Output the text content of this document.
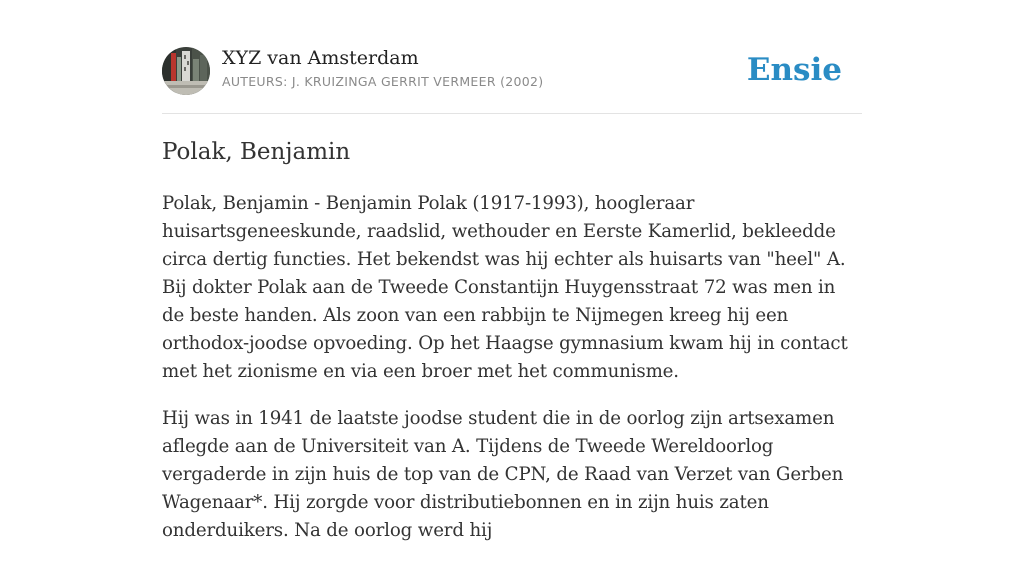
XYZ van Amsterdam
AUTEURS: J. KRUIZINGA GERRIT VERMEER (2002)	Ensie
Polak, Benjamin

Polak, Benjamin - Benjamin Polak (1917-1993), hoogleraar huisartsgeneeskunde, raadslid, wethouder en Eerste Kamerlid, bekleedde circa dertig functies. Het bekendst was hij echter als huisarts van "heel" A. Bij dokter Polak aan de Tweede Constantijn Huygensstraat 72 was men in de beste handen. Als zoon van een rabbijn te Nijmegen kreeg hij een orthodox-joodse opvoeding. Op het Haagse gymnasium kwam hij in contact met het zionisme en via een broer met het communisme.

Hij was in 1941 de laatste joodse student die in de oorlog zijn artsexamen aflegde aan de Universiteit van A. Tijdens de Tweede Wereldoorlog vergaderde in zijn huis de top van de CPN, de Raad van Verzet van Gerben Wagenaar*. Hij zorgde voor distributiebonnen en in zijn huis zaten onderduikers. Na de oorlog werd hij
